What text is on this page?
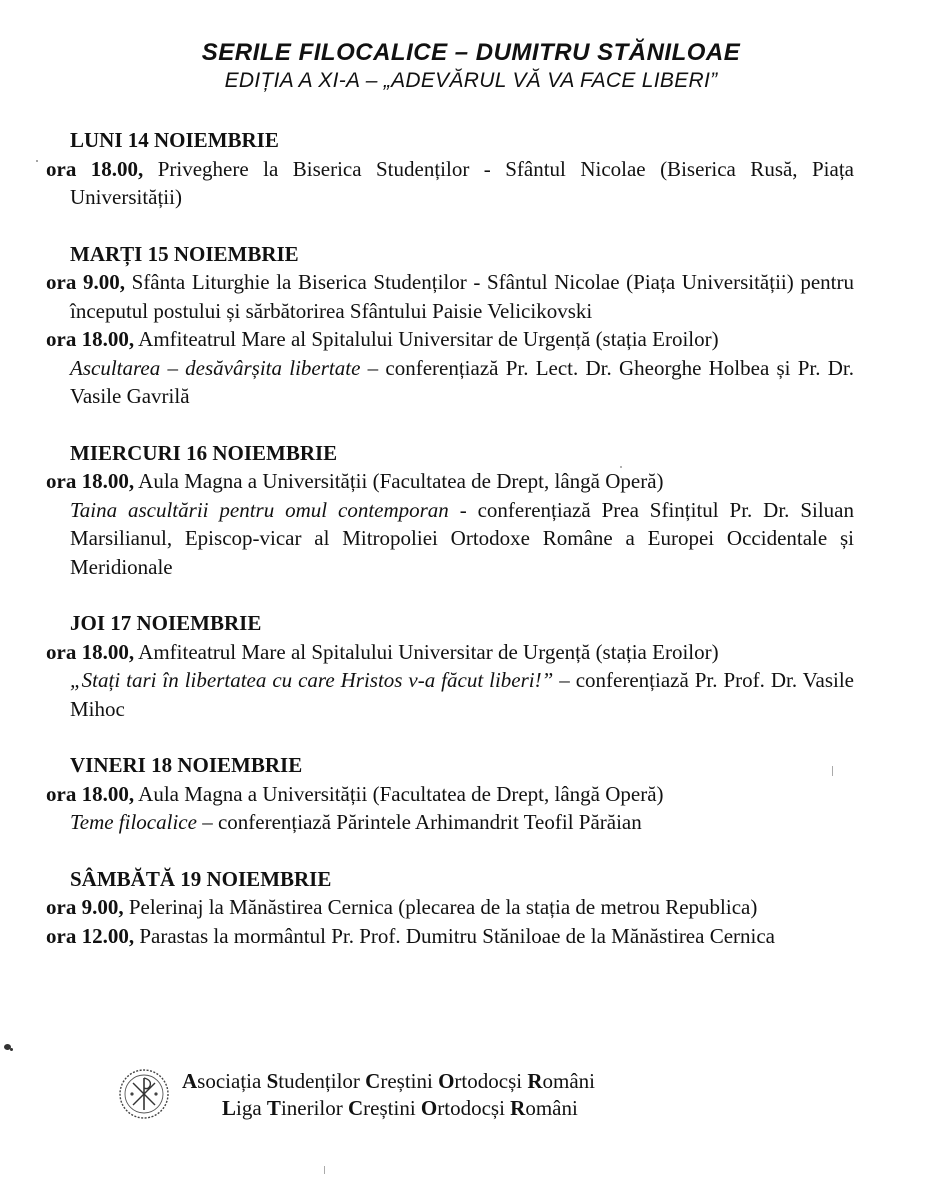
SERILE FILOCALICE – DUMITRU STĂNILOAE
EDIȚIA A XI-A – „ADEVĂRUL VĂ VA FACE LIBERI”
LUNI 14 NOIEMBRIE
ora 18.00, Priveghere la Biserica Studenților - Sfântul Nicolae (Biserica Rusă, Piața Universității)
MARȚI 15 NOIEMBRIE
ora 9.00, Sfânta Liturghie la Biserica Studenților - Sfântul Nicolae (Piața Universității) pentru începutul postului și sărbătorirea Sfântului Paisie Velicikovski
ora 18.00, Amfiteatrul Mare al Spitalului Universitar de Urgență (stația Eroilor)
Ascultarea – desăvârșita libertate – conferențiază Pr. Lect. Dr. Gheorghe Holbea și Pr. Dr. Vasile Gavrilă
MIERCURI 16 NOIEMBRIE
ora 18.00, Aula Magna a Universității (Facultatea de Drept, lângă Operă)
Taina ascultării pentru omul contemporan - conferențiază Prea Sfințitul Pr. Dr. Siluan Marsilianul, Episcop-vicar al Mitropoliei Ortodoxe Române a Europei Occidentale și Meridionale
JOI 17 NOIEMBRIE
ora 18.00, Amfiteatrul Mare al Spitalului Universitar de Urgență (stația Eroilor)
„Stați tari în libertatea cu care Hristos v-a făcut liberi!” – conferențiază Pr. Prof. Dr. Vasile Mihoc
VINERI 18 NOIEMBRIE
ora 18.00, Aula Magna a Universității (Facultatea de Drept, lângă Operă)
Teme filocalice – conferențiază Părintele Arhimandrit Teofil Părăian
SÂMBĂTĂ 19 NOIEMBRIE
ora 9.00, Pelerinaj la Mănăstirea Cernica (plecarea de la stația de metrou Republica)
ora 12.00, Parastas la mormântul Pr. Prof. Dumitru Stăniloae de la Mănăstirea Cernica
Asociația Studenților Creștini Ortodocși Români
Liga Tinerilor Creștini Ortodocși Români
